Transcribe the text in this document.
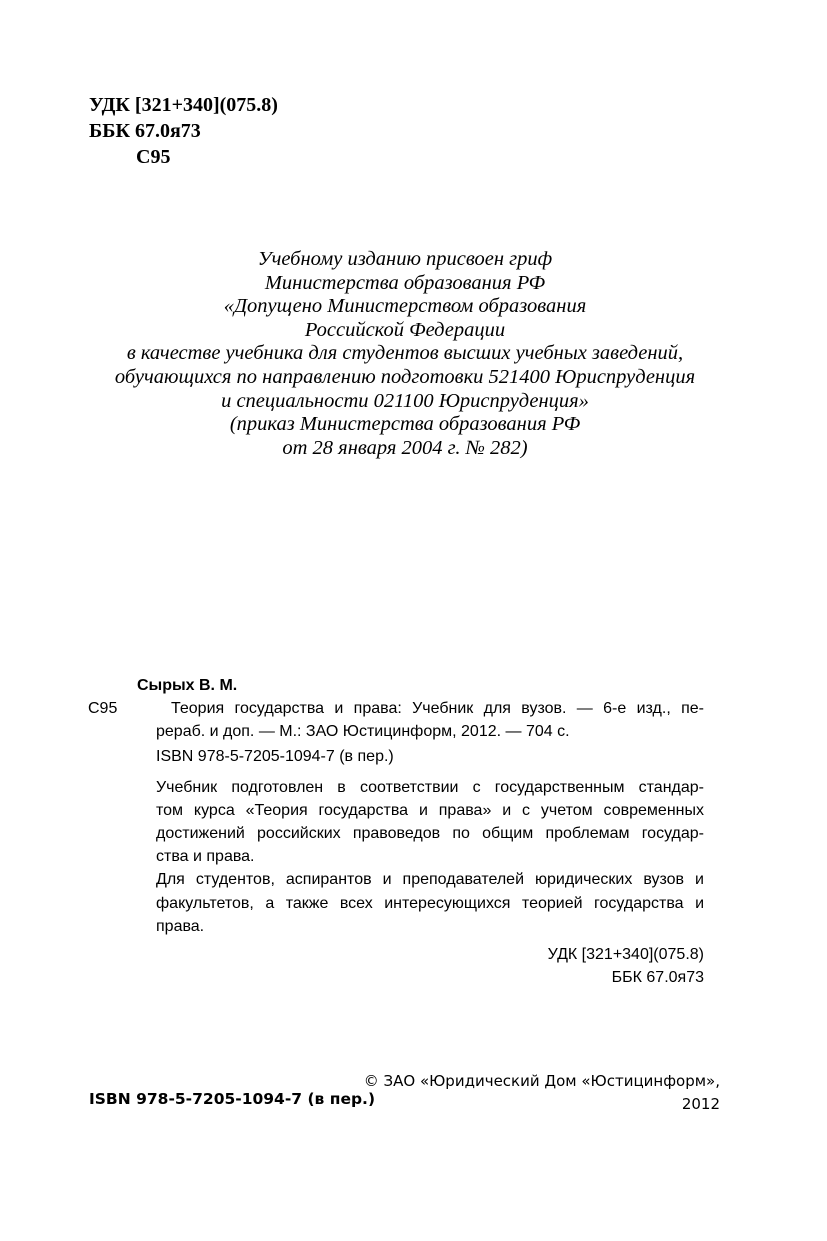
УДК [321+340](075.8)
ББК 67.0я73
С95
Учебному изданию присвоен гриф
Министерства образования РФ
«Допущено Министерством образования
Российской Федерации
в качестве учебника для студентов высших учебных заведений,
обучающихся по направлению подготовки 521400 Юриспруденция
и специальности 021100 Юриспруденция»
(приказ Министерства образования РФ
от 28 января 2004 г. № 282)
Сырых В. М.
С95	Теория государства и права: Учебник для вузов. — 6-е изд., пе-
рераб. и доп. — М.: ЗАО Юстицинформ, 2012. — 704 с.
ISBN 978-5-7205-1094-7 (в пер.)
Учебник подготовлен в соответствии с государственным стандар-
том курса «Теория государства и права» и с учетом современных
достижений российских правоведов по общим проблемам государ-
ства и права.
Для студентов, аспирантов и преподавателей юридических вузов и
факультетов, а также всех интересующихся теорией государства и
права.
УДК [321+340](075.8)
ББК 67.0я73
© ЗАО «Юридический Дом «Юстицинформ»,
2012
ISBN 978-5-7205-1094-7 (в пер.)
